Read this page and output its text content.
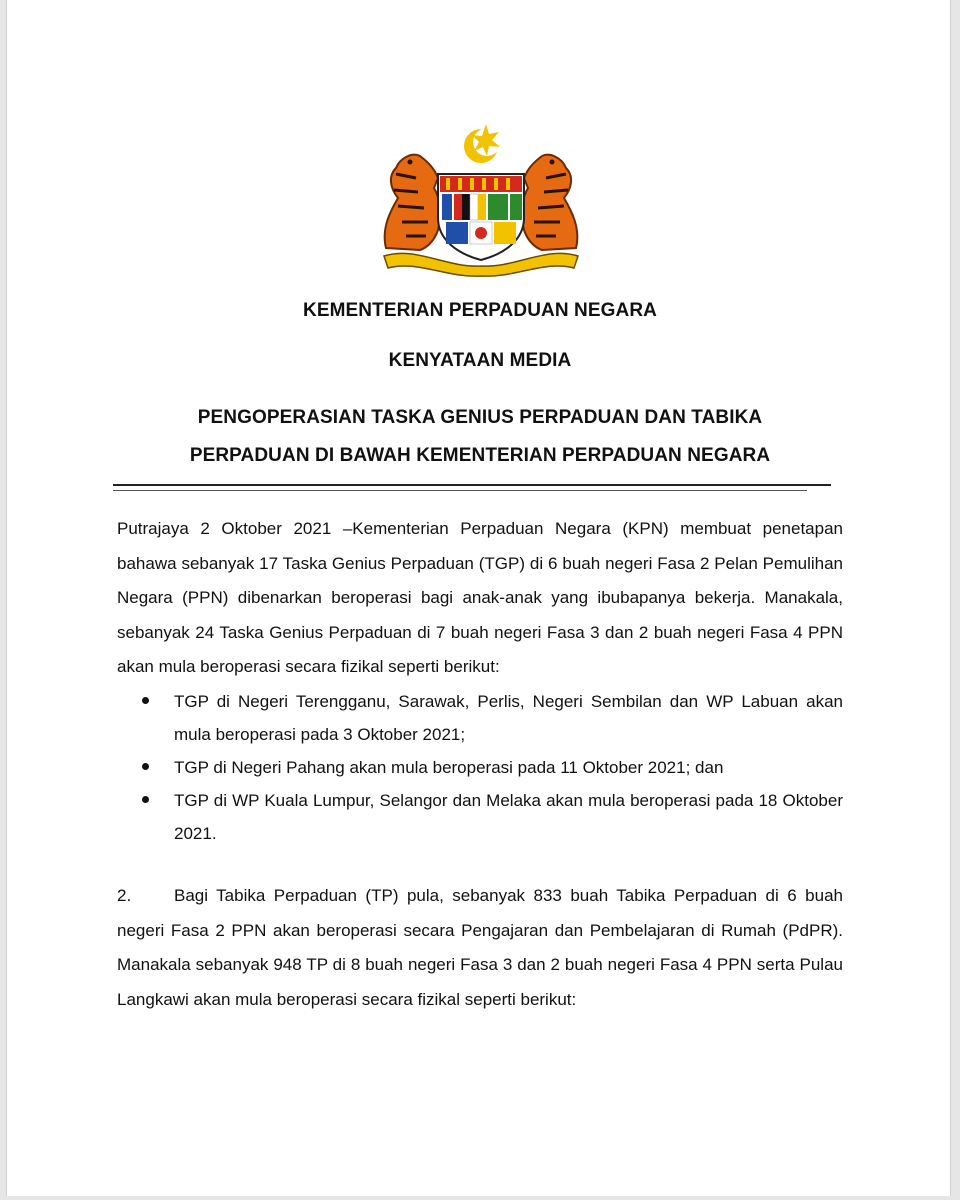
KEMENTERIAN PERPADUAN NEGARA
KENYATAAN MEDIA
PENGOPERASIAN TASKA GENIUS PERPADUAN DAN TABIKA
PERPADUAN DI BAWAH KEMENTERIAN PERPADUAN NEGARA

Putrajaya 2 Oktober 2021 –Kementerian Perpaduan Negara (KPN) membuat penetapan bahawa sebanyak 17 Taska Genius Perpaduan (TGP) di 6 buah negeri Fasa 2 Pelan Pemulihan Negara (PPN) dibenarkan beroperasi bagi anak-anak yang ibubapanya bekerja. Manakala, sebanyak 24 Taska Genius Perpaduan di 7 buah negeri Fasa 3 dan 2 buah negeri Fasa 4 PPN akan mula beroperasi secara fizikal seperti berikut:

TGP di Negeri Terengganu, Sarawak, Perlis, Negeri Sembilan dan WP Labuan akan mula beroperasi pada 3 Oktober 2021;
TGP di Negeri Pahang akan mula beroperasi pada 11 Oktober 2021; dan
TGP di WP Kuala Lumpur, Selangor dan Melaka akan mula beroperasi pada 18 Oktober 2021.

2.	Bagi Tabika Perpaduan (TP) pula, sebanyak 833 buah Tabika Perpaduan di 6 buah negeri Fasa 2 PPN akan beroperasi secara Pengajaran dan Pembelajaran di Rumah (PdPR). Manakala sebanyak 948 TP di 8 buah negeri Fasa 3 dan 2 buah negeri Fasa 4 PPN serta Pulau Langkawi akan mula beroperasi secara fizikal seperti berikut:
